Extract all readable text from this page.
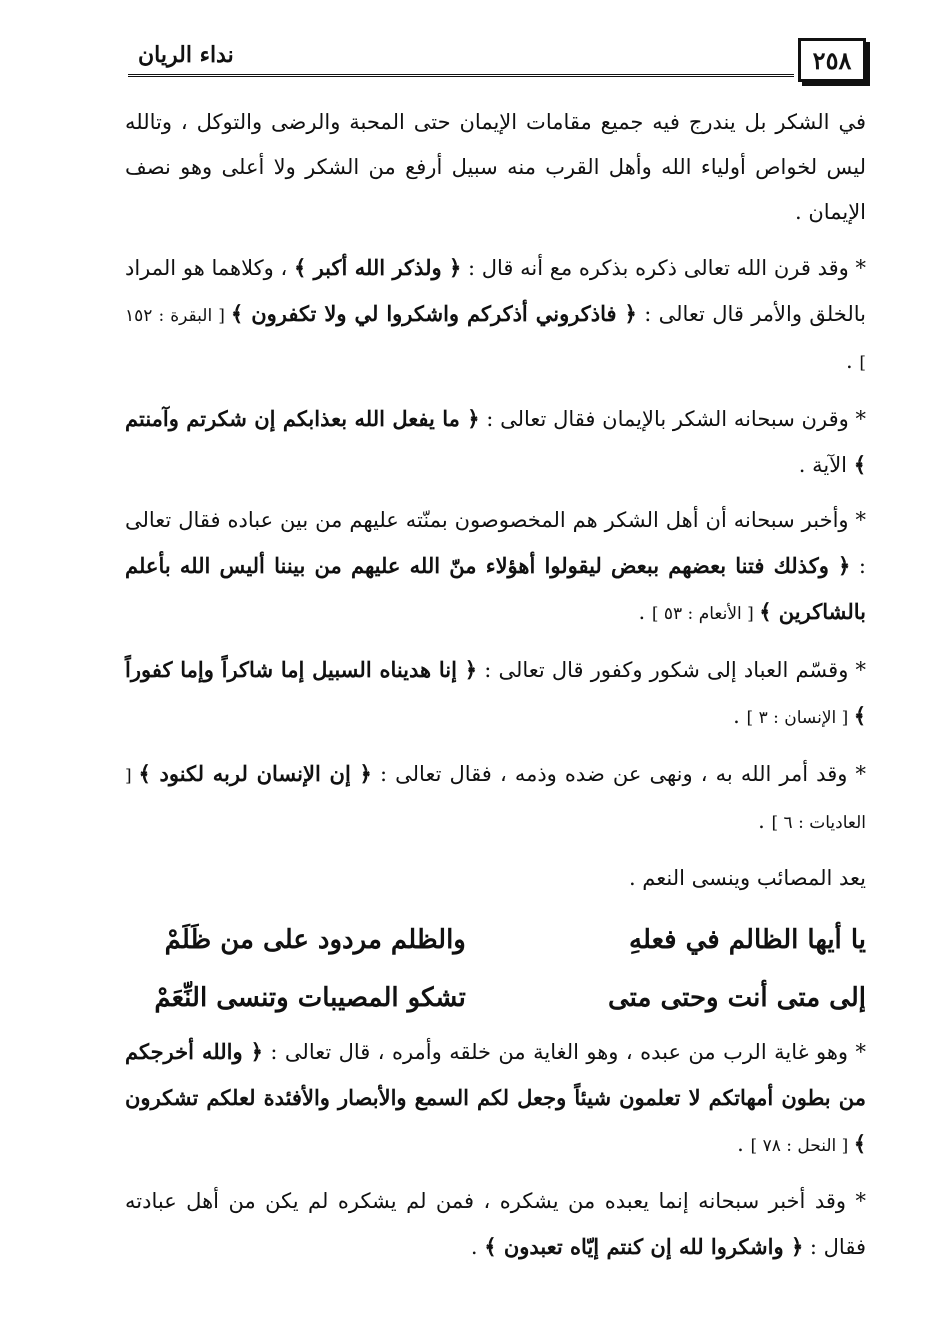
٢٥٨
نداء الريان

في الشكر بل يندرج فيه جميع مقامات الإيمان حتى المحبة والرضى والتوكل ، وتالله ليس لخواص أولياء الله وأهل القرب منه سبيل أرفع من الشكر ولا أعلى وهو نصف الإيمان .

* وقد قرن الله تعالى ذكره بذكره مع أنه قال : ﴿ ولذكر الله أكبر ﴾ ، وكلاهما هو المراد بالخلق والأمر قال تعالى : ﴿ فاذكروني أذكركم واشكروا لي ولا تكفرون ﴾ [ البقرة : ١٥٢ ] .

* وقرن سبحانه الشكر بالإيمان فقال تعالى : ﴿ ما يفعل الله بعذابكم إن شكرتم وآمنتم ﴾ الآية .

* وأخبر سبحانه أن أهل الشكر هم المخصوصون بمنّته عليهم من بين عباده فقال تعالى : ﴿ وكذلك فتنا بعضهم ببعض ليقولوا أهؤلاء منّ الله عليهم من بيننا أليس الله بأعلم بالشاكرين ﴾ [ الأنعام : ٥٣ ] .

* وقسّم العباد إلى شكور وكفور قال تعالى : ﴿ إنا هديناه السبيل إما شاكراً وإما كفوراً ﴾ [ الإنسان : ٣ ] .

* وقد أمر الله به ، ونهى عن ضده وذمه ، فقال تعالى : ﴿ إن الإنسان لربه لكنود ﴾ [ العاديات : ٦ ] .

يعد المصائب وينسى النعم .

يا أيها الظالم في فعلهِ
والظلم مردود على من ظَلَمْ
إلى متى أنت وحتى متى
تشكو المصيبات وتنسى النِّعَمْ

* وهو غاية الرب من عبده ، وهو الغاية من خلقه وأمره ، قال تعالى : ﴿ والله أخرجكم من بطون أمهاتكم لا تعلمون شيئاً وجعل لكم السمع والأبصار والأفئدة لعلكم تشكرون ﴾ [ النحل : ٧٨ ] .

* وقد أخبر سبحانه إنما يعبده من يشكره ، فمن لم يشكره لم يكن من أهل عبادته فقال : ﴿ واشكروا لله إن كنتم إيّاه تعبدون ﴾ .
